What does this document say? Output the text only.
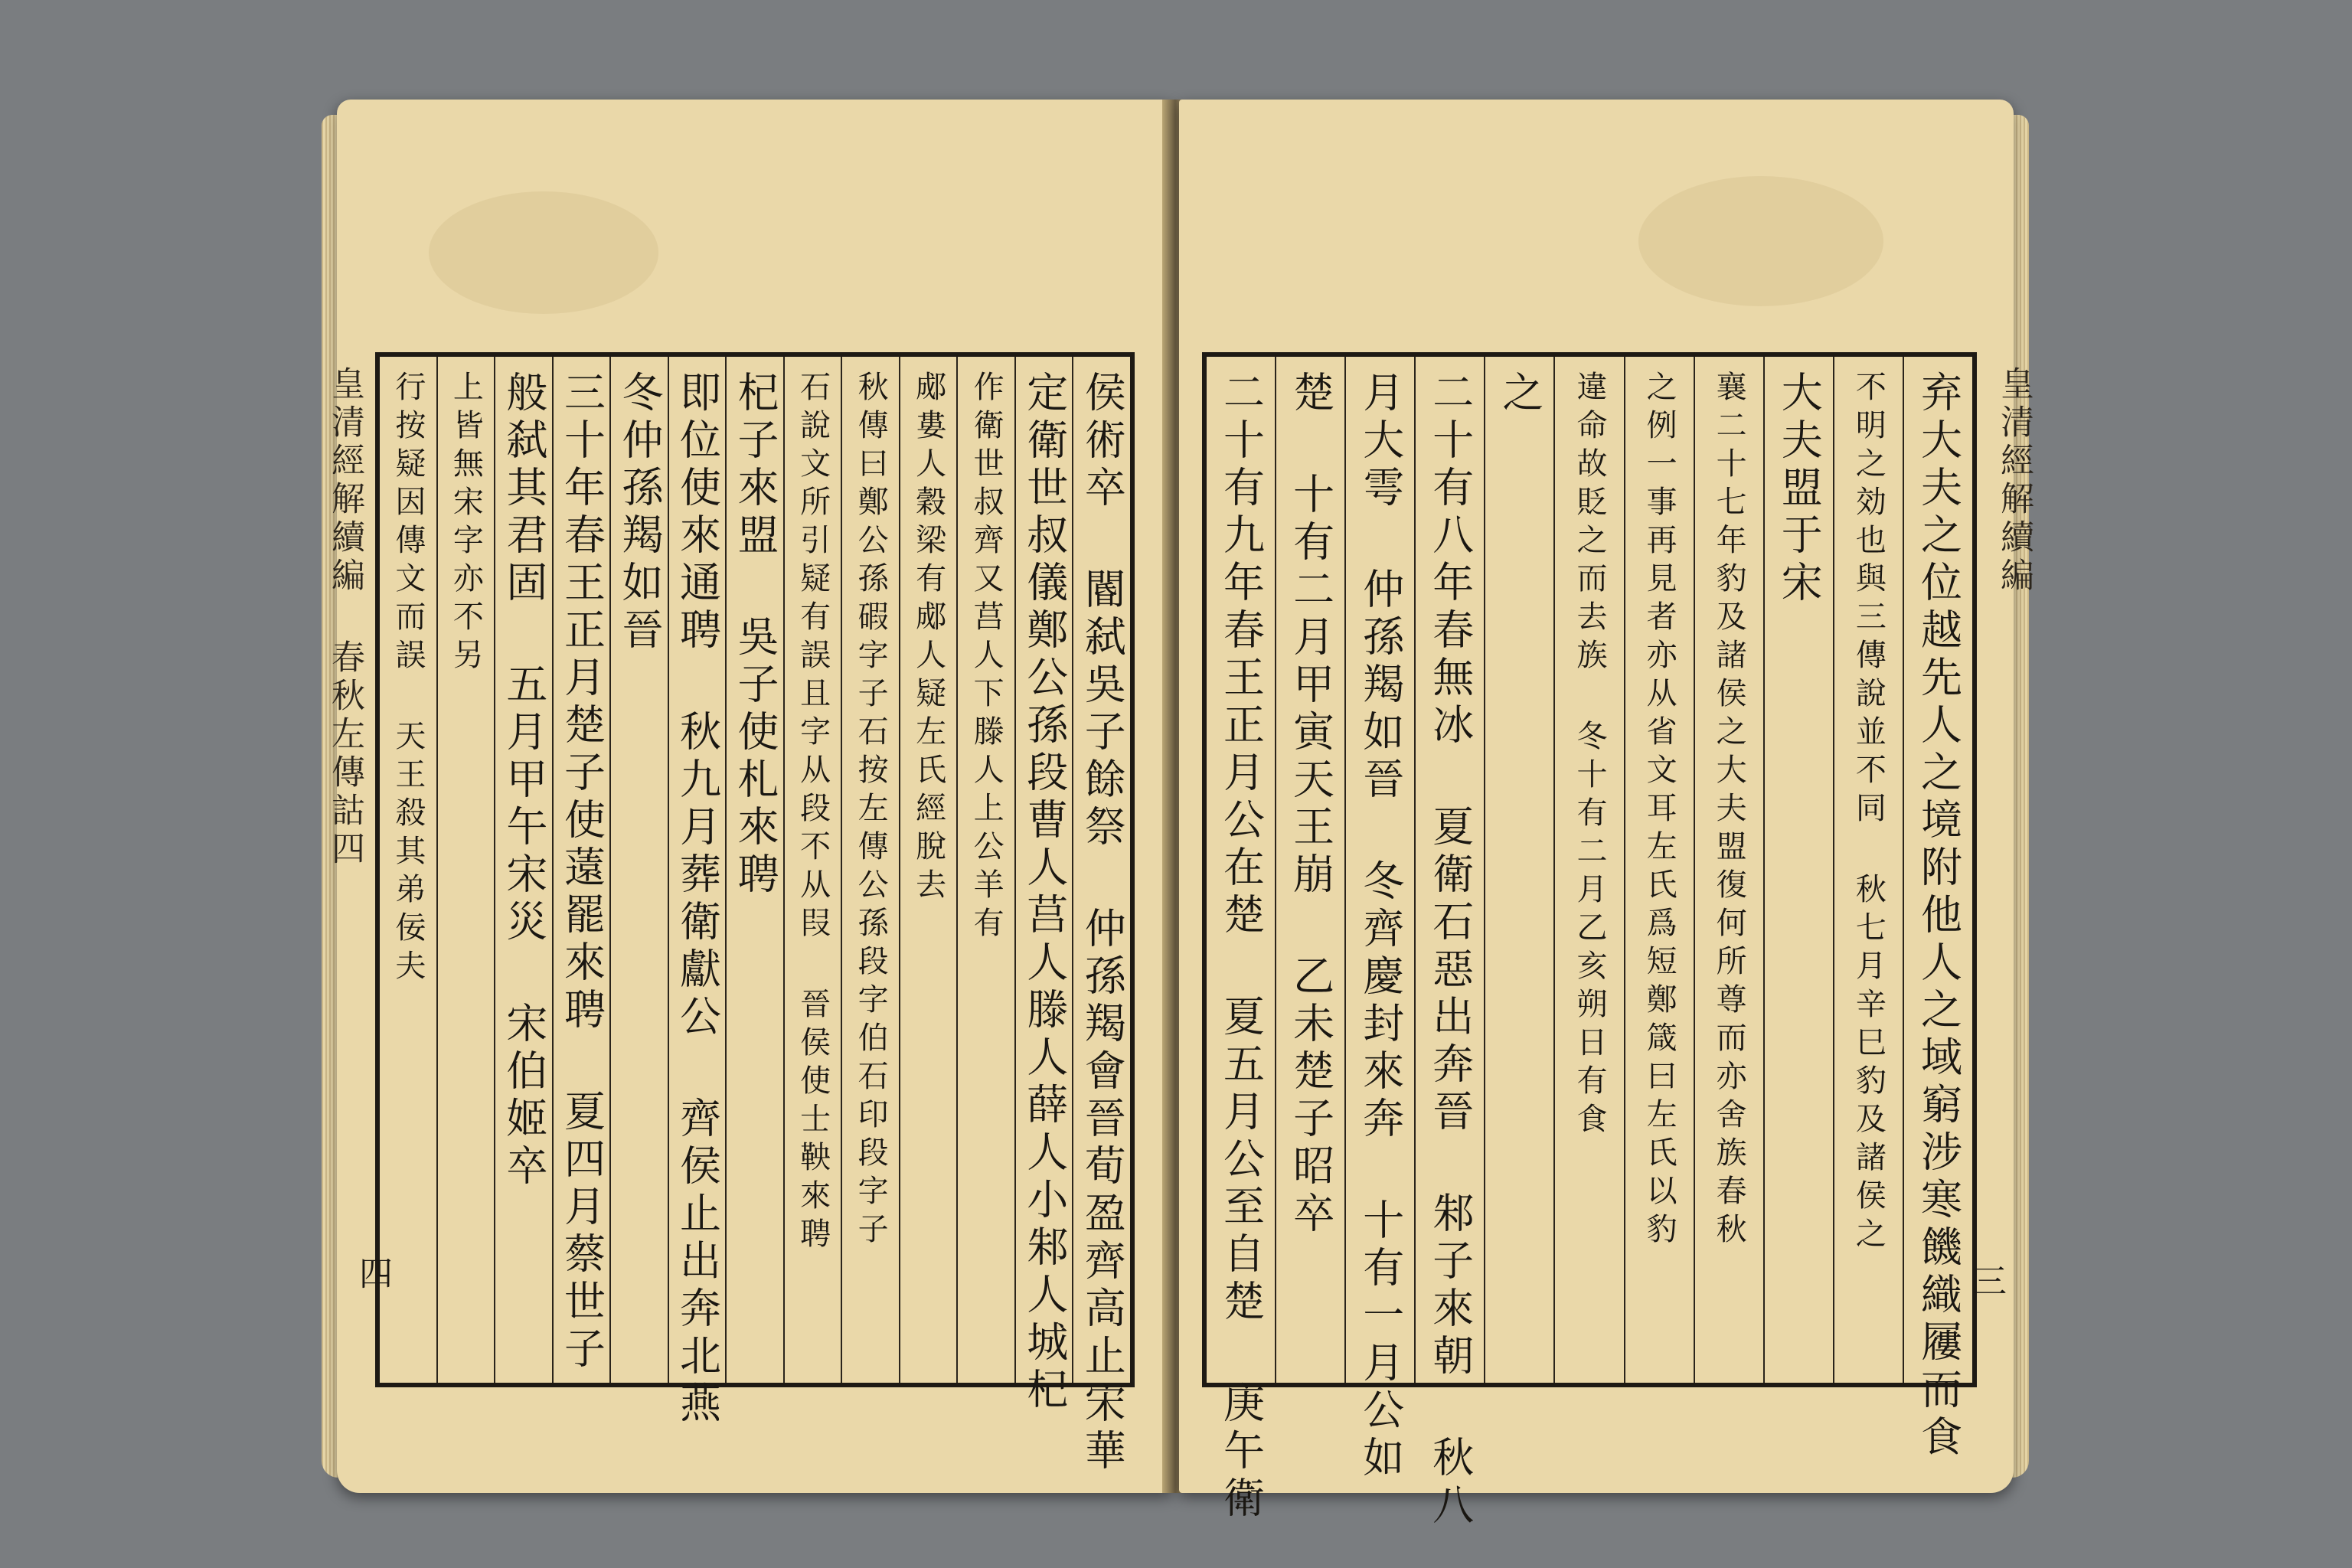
皇清經解續編 春秋左傳詁四	侯術卒 閽弑吳子餘祭 仲孫羯會晉荀盈齊高止宋華
定衛世叔儀鄭公孫段曹人莒人滕人薛人小邾人城杞
作衛世叔齊又莒人下滕人上公羊有
郕婁人穀梁有郕人疑左氏經脫去
秋傳曰鄭公孫碬字子石按左傳公孫段字伯石印段字子
石說文所引疑有誤且字从段不从叚 晉侯使士鞅來聘
杞子來盟 吳子使札來聘
即位使來通聘 秋九月葬衛獻公 齊侯止出奔北燕
冬仲孫羯如晉
三十年春王正月楚子使薳罷來聘 夏四月蔡世子
般弑其君固 五月甲午宋災 宋伯姬卒
上皆無宋字亦不另
行按疑因傳文而誤 天王殺其弟佞夫
四
皇清經解續編
弃大夫之位越先人之境附他人之域窮涉寒饑織屨而食
不明之効也與三傳說並不同 秋七月辛巳豹及諸侯之
大夫盟于宋
襄二十七年豹及諸侯之大夫盟復何所尊而亦舍族春秋
之例一事再見者亦从省文耳左氏爲短鄭箴曰左氏以豹
違命故貶之而去族 冬十有二月乙亥朔日有食
之
二十有八年春無冰 夏衛石惡出奔晉 邾子來朝 秋八
月大雩 仲孫羯如晉 冬齊慶封來奔 十有一月公如
楚 十有二月甲寅天王崩 乙未楚子昭卒
二十有九年春王正月公在楚 夏五月公至自楚 庚午衛	三
